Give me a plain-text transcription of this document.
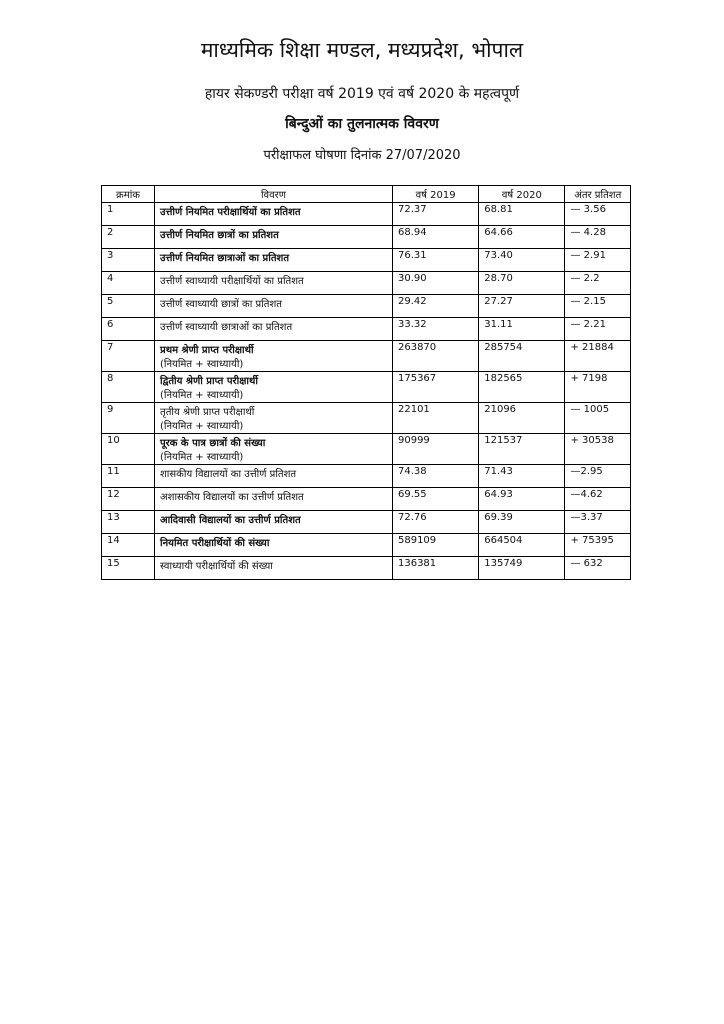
माध्यमिक शिक्षा मण्डल, मध्यप्रदेश, भोपाल
हायर सेकण्डरी परीक्षा वर्ष 2019 एवं वर्ष 2020 के महत्वपूर्ण
बिन्दुओं का तुलनात्मक विवरण
परीक्षाफल घोषणा दिनांक 27/07/2020
क्रमांक	विवरण	वर्ष 2019	वर्ष 2020	अंतर प्रतिशत
1	उत्तीर्ण नियमित परीक्षार्थियों का प्रतिशत	72.37	68.81	— 3.56
2	उत्तीर्ण नियमित छात्रों का प्रतिशत	68.94	64.66	— 4.28
3	उत्तीर्ण नियमित छात्राओं का प्रतिशत	76.31	73.40	— 2.91
4	उत्तीर्ण स्वाध्यायी परीक्षार्थियों का प्रतिशत	30.90	28.70	— 2.2
5	उत्तीर्ण स्वाध्यायी छात्रों का प्रतिशत	29.42	27.27	— 2.15
6	उत्तीर्ण स्वाध्यायी छात्राओं का प्रतिशत	33.32	31.11	— 2.21
7	प्रथम श्रेणी प्राप्त परीक्षार्थी
(नियमित + स्वाध्यायी)	263870	285754	+ 21884
8	द्वितीय श्रेणी प्राप्त परीक्षार्थी
(नियमित + स्वाध्यायी)	175367	182565	+ 7198
9	तृतीय श्रेणी प्राप्त परीक्षार्थी
(नियमित + स्वाध्यायी)	22101	21096	— 1005
10	पूरक के पात्र छात्रों की संख्या
(नियमित + स्वाध्यायी)	90999	121537	+ 30538
11	शासकीय विद्यालयों का उत्तीर्ण प्रतिशत	74.38	71.43	—2.95
12	अशासकीय विद्यालयों का उत्तीर्ण प्रतिशत	69.55	64.93	—4.62
13	आदिवासी विद्यालयों का उत्तीर्ण प्रतिशत	72.76	69.39	—3.37
14	नियमित परीक्षार्थियों की संख्या	589109	664504	+ 75395
15	स्वाध्यायी परीक्षार्थियों की संख्या	136381	135749	— 632
